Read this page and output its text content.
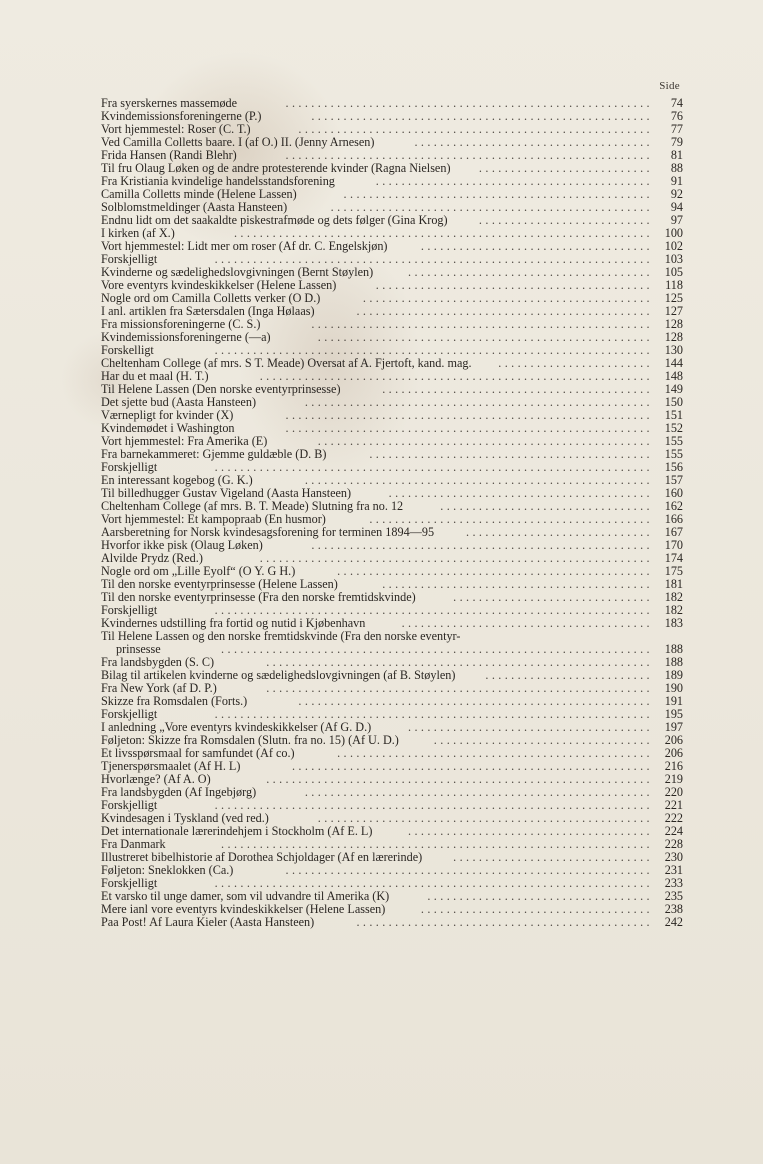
Side
Fra syerskernes massemøde	74
.........................................................
Kvindemissionsforeningerne (P.)	76
.....................................................
Vort hjemmestel: Roser (C. T.)	77
.......................................................
Ved Camilla Colletts baare. I (af O.) II. (Jenny Arnesen)	79
.....................................
Frida Hansen (Randi Blehr)	81
.........................................................
Til fru Olaug Løken og de andre protesterende kvinder (Ragna Nielsen)	88
...........................
Fra Kristiania kvindelige handelsstandsforening	91
...........................................
Camilla Colletts minde (Helene Lassen)	92
................................................
Solblomstmeldinger (Aasta Hansteen)	94
..................................................
Endnu lidt om det saakaldte piskestrafmøde og dets følger (Gina Krog)	97
...........................
I kirken (af X.)	100
.................................................................
Vort hjemmestel: Lidt mer om roser (Af dr. C. Engelskjøn)	102
....................................
Forskjelligt	103
....................................................................
Kvinderne og sædelighedslovgivningen (Bernt Støylen)	105
......................................
Vore eventyrs kvindeskikkelser (Helene Lassen)	118
...........................................
Nogle ord om Camilla Colletts verker (O D.)	125
.............................................
I anl. artiklen fra Sætersdalen (Inga Hølaas)	127
..............................................
Fra missionsforeningerne (C. S.)	128
.....................................................
Kvindemissionsforeningerne (—a)	128
....................................................
Forskelligt	130
....................................................................
Cheltenham College (af mrs. S T. Meade) Oversat af A. Fjertoft, kand. mag.	144
........................
Har du et maal (H. T.)	148
.............................................................
Til Helene Lassen (Den norske eventyrprinsesse)	149
..........................................
Det sjette bud (Aasta Hansteen)	150
......................................................
Værnepligt for kvinder (X)	151
.........................................................
Kvindemødet i Washington	152
.........................................................
Vort hjemmestel: Fra Amerika (E)	155
....................................................
Fra barnekammeret: Gjemme guldæble (D. B)	155
............................................
Forskjelligt	156
....................................................................
En interessant kogebog (G. K.)	157
......................................................
Til billedhugger Gustav Vigeland (Aasta Hansteen)	160
.........................................
Cheltenham College (af mrs. B. T. Meade) Slutning fra no. 12	162
.................................
Vort hjemmestel: Et kampopraab (En husmor)	166
............................................
Aarsberetning for Norsk kvindesagsforening for terminen 1894—95	167
.............................
Hvorfor ikke pisk (Olaug Løken)	170
.....................................................
Alvilde Prydz (Red.)	174
.............................................................
Nogle ord om „Lille Eyolf“ (O Y. G H.)	175
.................................................
Til den norske eventyrprinsesse (Helene Lassen)	181
..........................................
Til den norske eventyrprinsesse (Fra den norske fremtidskvinde)	182
...............................
Forskjelligt	182
....................................................................
Kvindernes udstilling fra fortid og nutid i Kjøbenhavn	183
.......................................
Til Helene Lassen og den norske fremtidskvinde (Fra den norske eventyr-
prinsesse	188
...................................................................
Fra landsbygden (S. C)	188
............................................................
Bilag til artikelen kvinderne og sædelighedslovgivningen (af B. Støylen)	189
..........................
Fra New York (af D. P.)	190
............................................................
Skizze fra Romsdalen (Forts.)	191
.......................................................
Forskjelligt	195
....................................................................
I anledning „Vore eventyrs kvindeskikkelser (Af G. D.)	197
......................................
Føljeton: Skizze fra Romsdalen (Slutn. fra no. 15) (Af U. D.)	206
..................................
Et livsspørsmaal for samfundet (Af co.)	206
.................................................
Tjenerspørsmaalet (Af H. L)	216
........................................................
Hvorlænge? (Af A. O)	219
............................................................
Fra landsbygden (Af Ingebjørg)	220
......................................................
Forskjelligt	221
....................................................................
Kvindesagen i Tyskland (ved red.)	222
....................................................
Det internationale lærerindehjem i Stockholm (Af E. L)	224
......................................
Fra Danmark	228
...................................................................
Illustreret bibelhistorie af Dorothea Schjoldager (Af en lærerinde)	230
...............................
Føljeton: Sneklokken (Ca.)	231
.........................................................
Forskjelligt	233
....................................................................
Et varsko til unge damer, som vil udvandre til Amerika (K)	235
...................................
Mere ianl vore eventyrs kvindeskikkelser (Helene Lassen)	238
....................................
Paa Post! Af Laura Kieler (Aasta Hansteen)	242
..............................................
